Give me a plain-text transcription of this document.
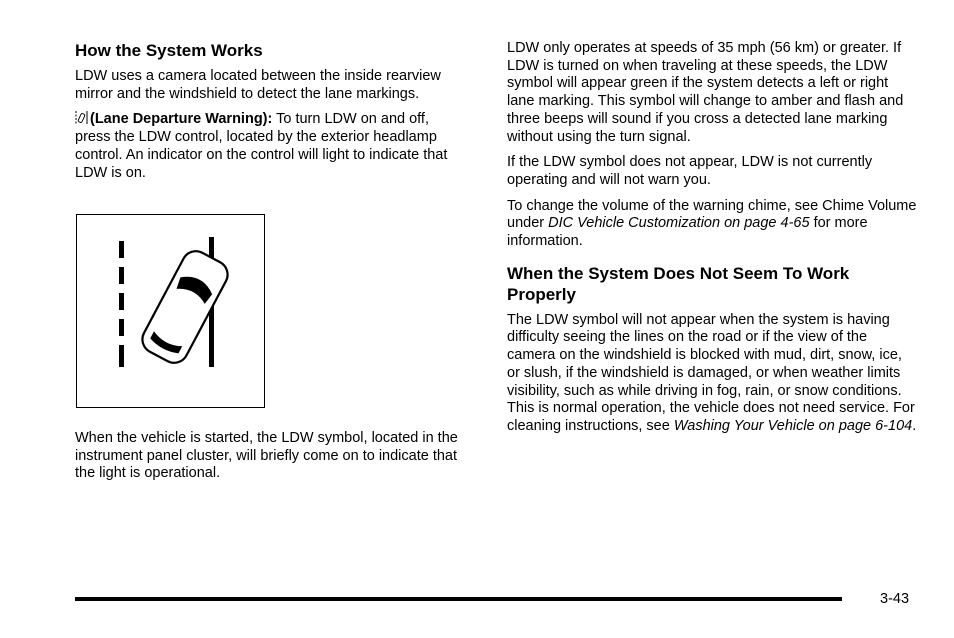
How the System Works

LDW uses a camera located between the inside rearview mirror and the windshield to detect the lane markings.

(Lane Departure Warning): To turn LDW on and off, press the LDW control, located by the exterior headlamp control. An indicator on the control will light to indicate that LDW is on.

When the vehicle is started, the LDW symbol, located in the instrument panel cluster, will briefly come on to indicate that the light is operational.

LDW only operates at speeds of 35 mph (56 km) or greater. If LDW is turned on when traveling at these speeds, the LDW symbol will appear green if the system detects a left or right lane marking. This symbol will change to amber and flash and three beeps will sound if you cross a detected lane marking without using the turn signal.

If the LDW symbol does not appear, LDW is not currently operating and will not warn you.

To change the volume of the warning chime, see Chime Volume under DIC Vehicle Customization on page 4‑65 for more information.

When the System Does Not Seem To Work Properly

The LDW symbol will not appear when the system is having difficulty seeing the lines on the road or if the view of the camera on the windshield is blocked with mud, dirt, snow, ice, or slush, if the windshield is damaged, or when weather limits visibility, such as while driving in fog, rain, or snow conditions. This is normal operation, the vehicle does not need service. For cleaning instructions, see Washing Your Vehicle on page 6‑104.

3-43
